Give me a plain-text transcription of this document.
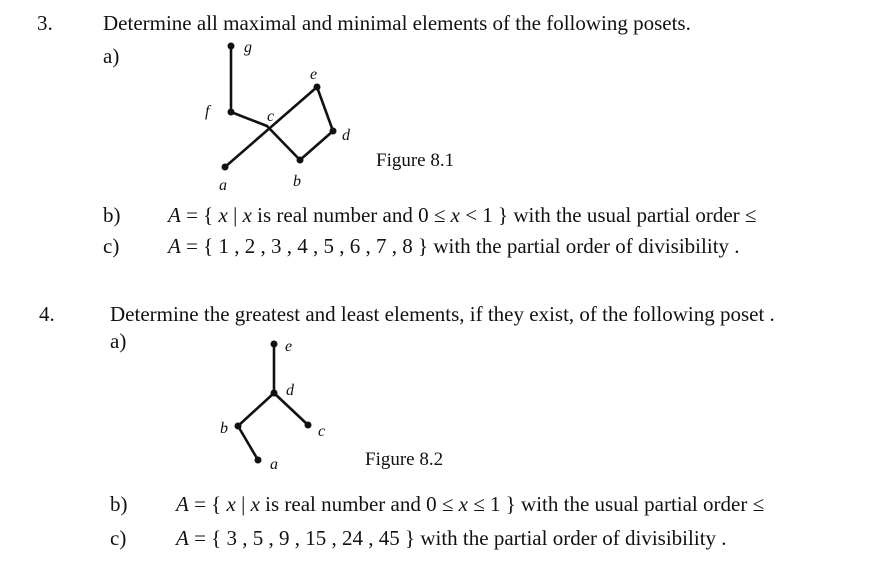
3. Determine all maximal and minimal elements of the following posets.
a)	g
f	c
e
d
a	b
Figure 8.1
b) A = { x | x is real number and 0 ≤ x < 1 } with the usual partial order ≤
c) A = { 1 , 2 , 3 , 4 , 5 , 6 , 7 , 8 } with the partial order of divisibility .
4.	Determine the greatest and least elements, if they exist, of the following poset .
a)	e
d
b	c
a	Figure 8.2
b) A = { x | x is real number and 0 ≤ x ≤ 1 } with the usual partial order ≤
c) A = { 3 , 5 , 9 , 15 , 24 , 45 } with the partial order of divisibility .
